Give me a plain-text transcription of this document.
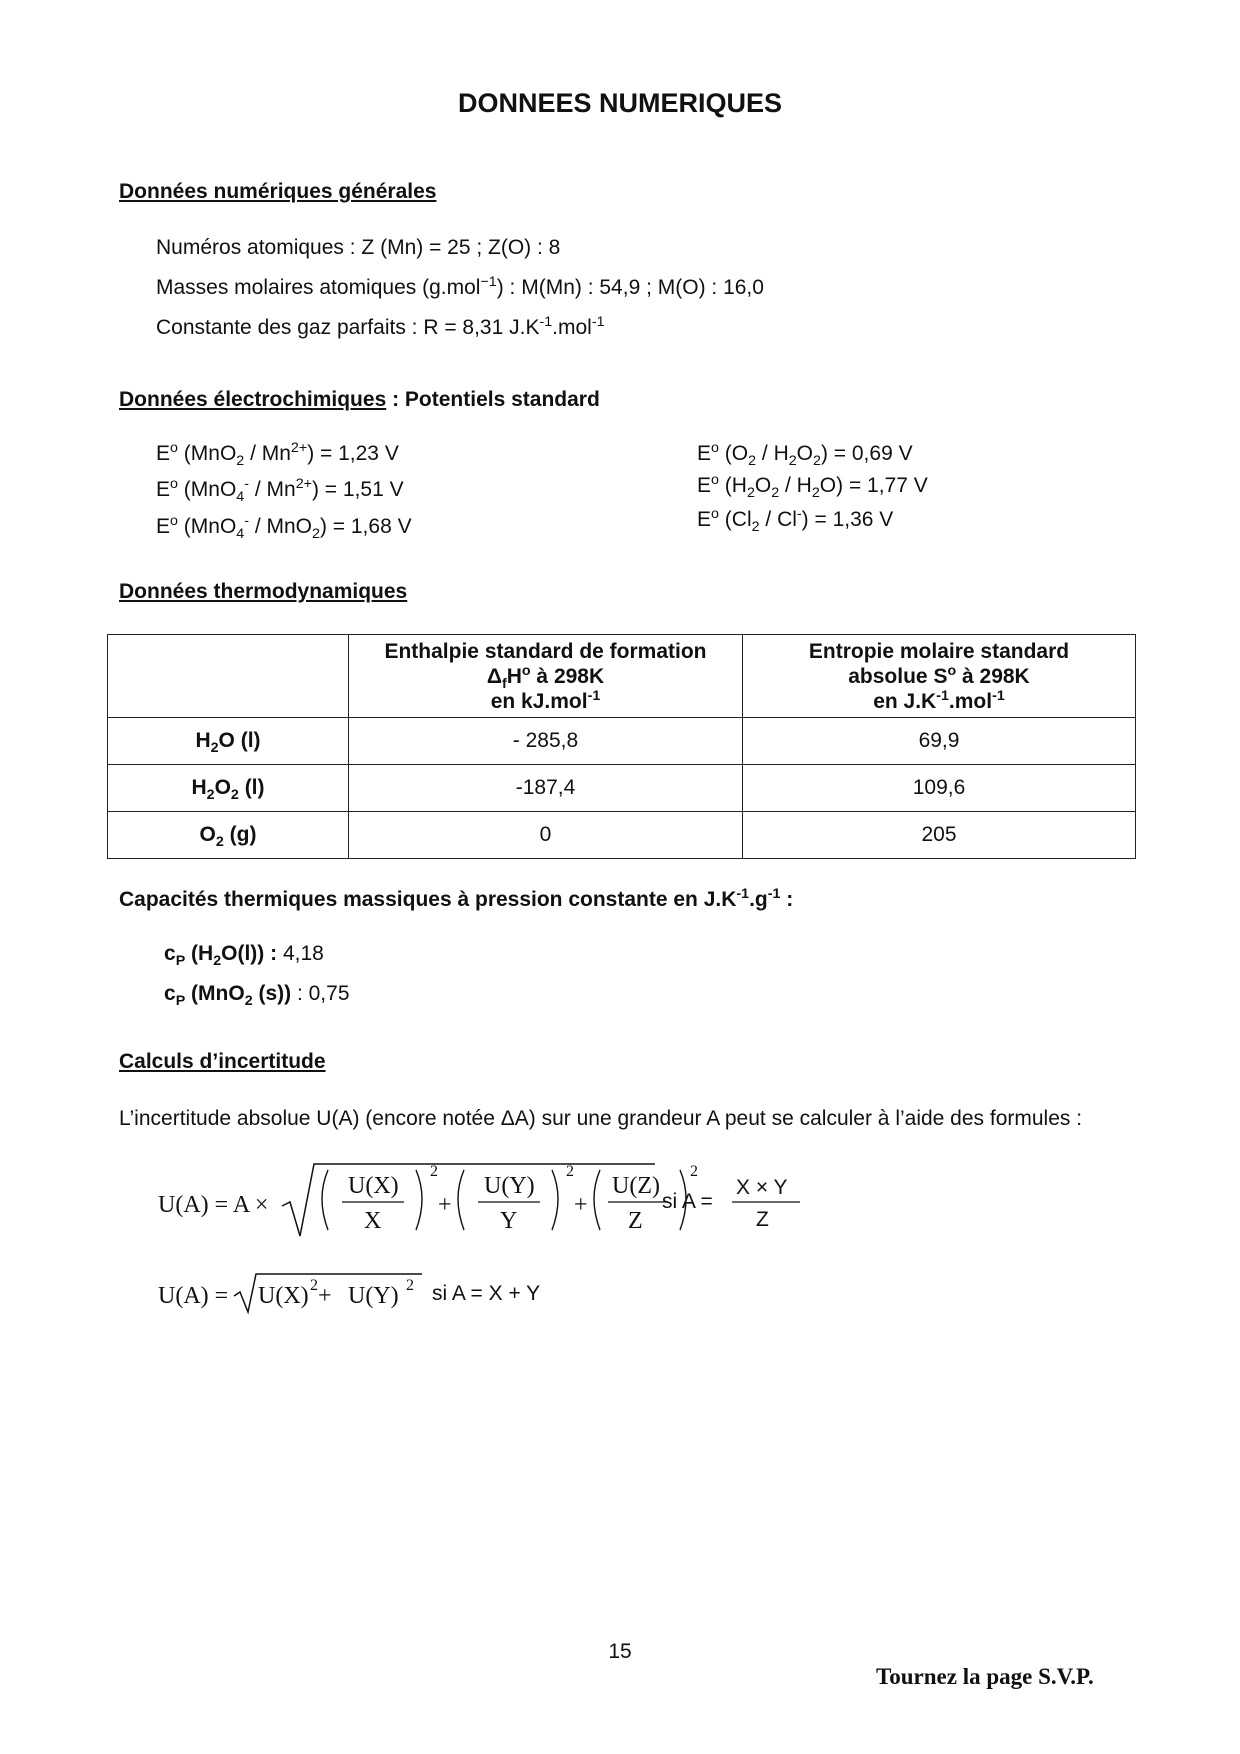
DONNEES NUMERIQUES
Données numériques générales
Numéros atomiques : Z (Mn) = 25 ; Z(O) : 8
Masses molaires atomiques (g.mol$^{-1}$) : M(Mn) : 54,9 ; M(O) : 16,0
Constante des gaz parfaits : R = 8,31 $J.K^{-1}.mol^{-1}$
Données électrochimiques : Potentiels standard
$E^o$ $(MnO_2 / Mn^{2+}) = 1,23$ V
$E^o$ $(MnO_4^- / Mn^{2+}) = 1,51$ V
$E^o$ (MnO$_4$- / MnO$_2$) = 1,68 V
$E^o$ $(O_2 / H_2O_2) = 0,69$ V
$E^o$ $(H_2O_2 / H_2O) = 1,77$ V
$E^o$ $(Cl_2 / Cl^-) = 1,36$ V
Données thermodynamiques
	Enthalpie standard de formation
$\Delta_fH^o$ à 298K
en kJ.mol$^{-1}$	Entropie molaire standard
absolue $S^o$ à 298K
en $J.K^{-1}.mol^{-1}$
$H_2O$ (l)	- 285,8	69,9
$H_2O_2$ (l)	-187,4	109,6
$O_2$ (g)	0	205
Capacités thermiques massiques à pression constante en $J.K^{-1}.g^{-1}$ :
$c_P$ $(H_2O(l))$ : 4,18
$c_P$ (MnO$_2$ (s)) : 0,75
Calculs d’incertitude
L’incertitude absolue U(A) (encore notée ΔA) sur une grandeur A peut se calculer à l’aide des formules :
U(A) = A ×
U(X)
X
2
+
U(Y)
Y
2
+
U(Z)
Z
2
si A =
X × Y
Z
U(A) = U(X) 2 + U(Y) 2 si A = X + Y
15
Tournez la page S.V.P.
